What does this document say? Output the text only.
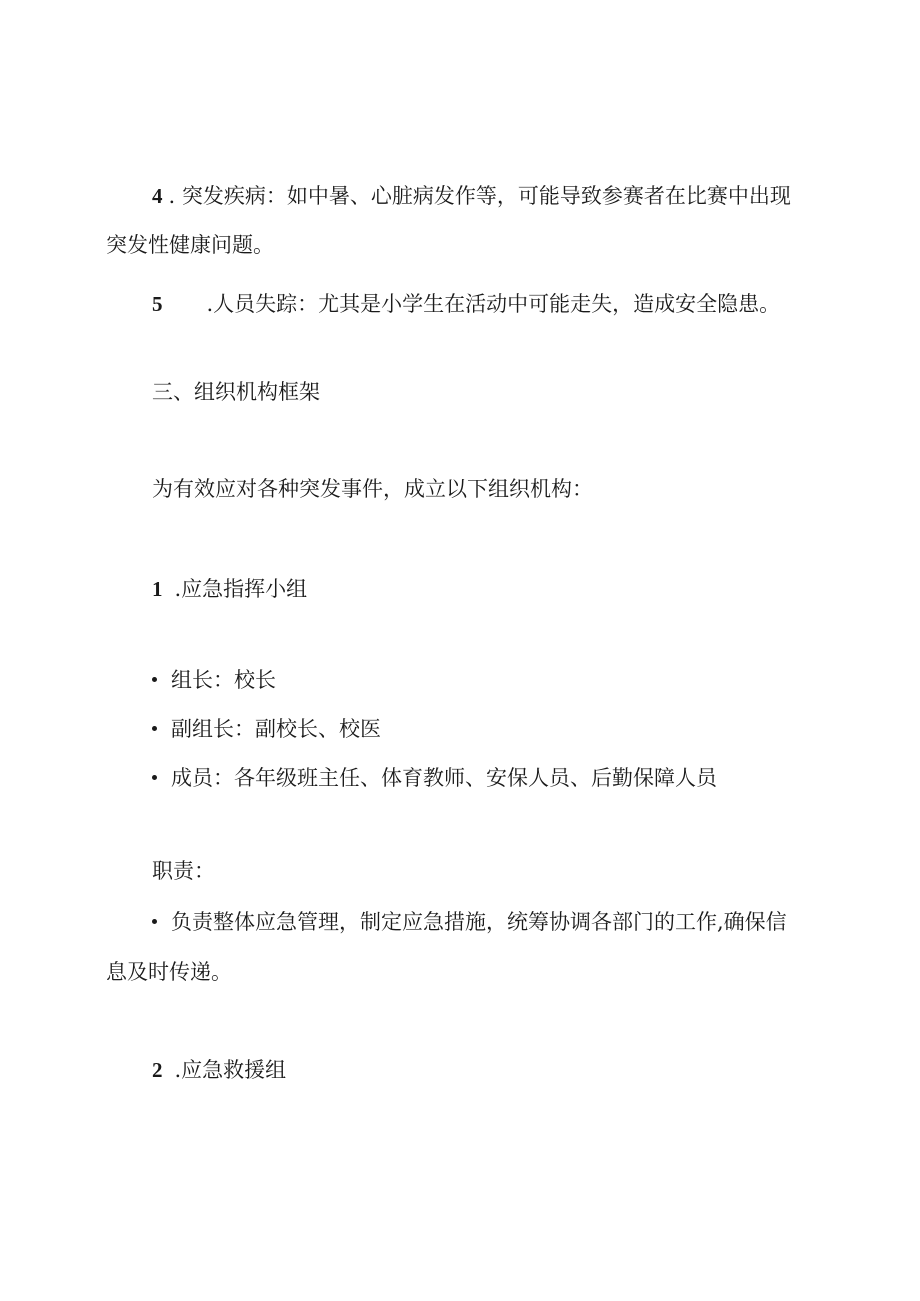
4 . 突发疾病：如中暑、心脏病发作等，可能导致参赛者在比赛中出现
突发性健康问题。
5 .人员失踪：尤其是小学生在活动中可能走失，造成安全隐患。
三、组织机构框架
为有效应对各种突发事件，成立以下组织机构：
1 .应急指挥小组
组长：校长
副组长：副校长、校医
成员：各年级班主任、体育教师、安保人员、后勤保障人员
职责：
负责整体应急管理，制定应急措施，统筹协调各部门的工作,确保信
息及时传递。
2 .应急救援组
